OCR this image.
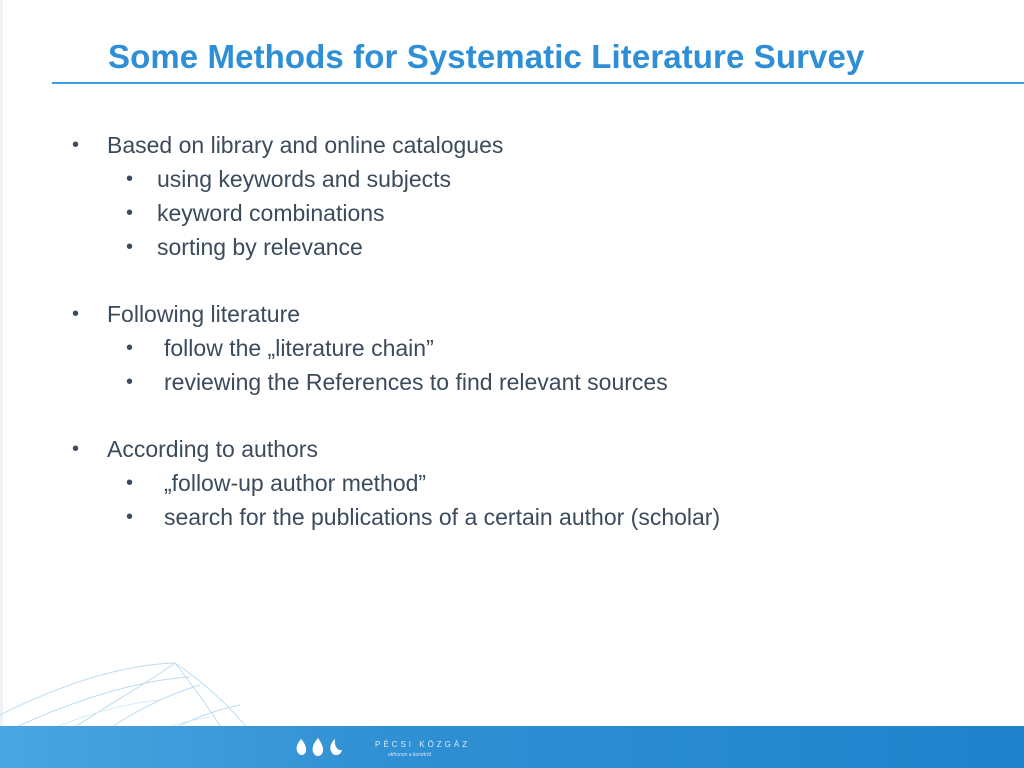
Some Methods for Systematic Literature Survey
• Based on library and online catalogues
• using keywords and subjects
• keyword combinations
• sorting by relevance
• Following literature
• follow the „literature chain”
• reviewing the References to find relevant sources
• According to authors
• „follow-up author method”
• search for the publications of a certain author (scholar)
PÉCSI KÖZGÁZ
otthonon a konétról
